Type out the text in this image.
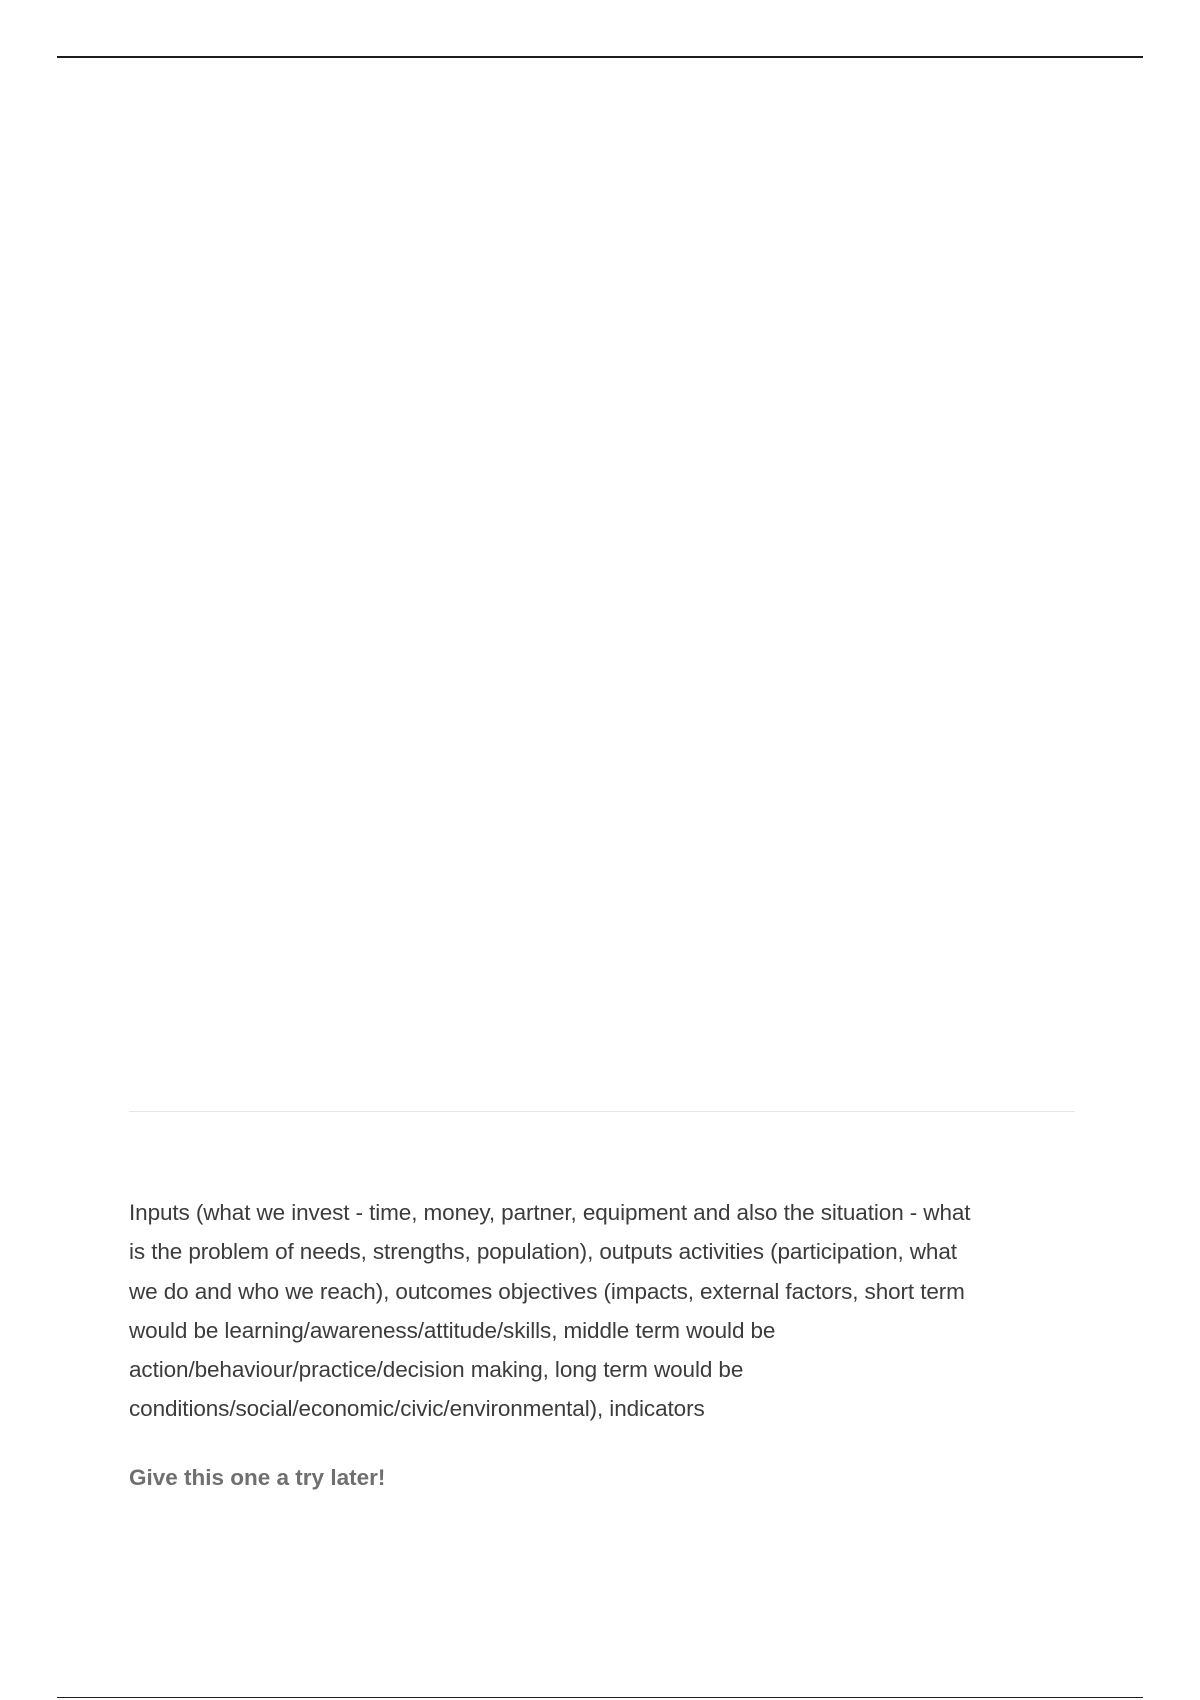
Inputs (what we invest - time, money, partner, equipment and also the situation - what
is the problem of needs, strengths, population), outputs activities (participation, what
we do and who we reach), outcomes objectives (impacts, external factors, short term
would be learning/awareness/attitude/skills, middle term would be
action/behaviour/practice/decision making, long term would be
conditions/social/economic/civic/environmental), indicators

Give this one a try later!
